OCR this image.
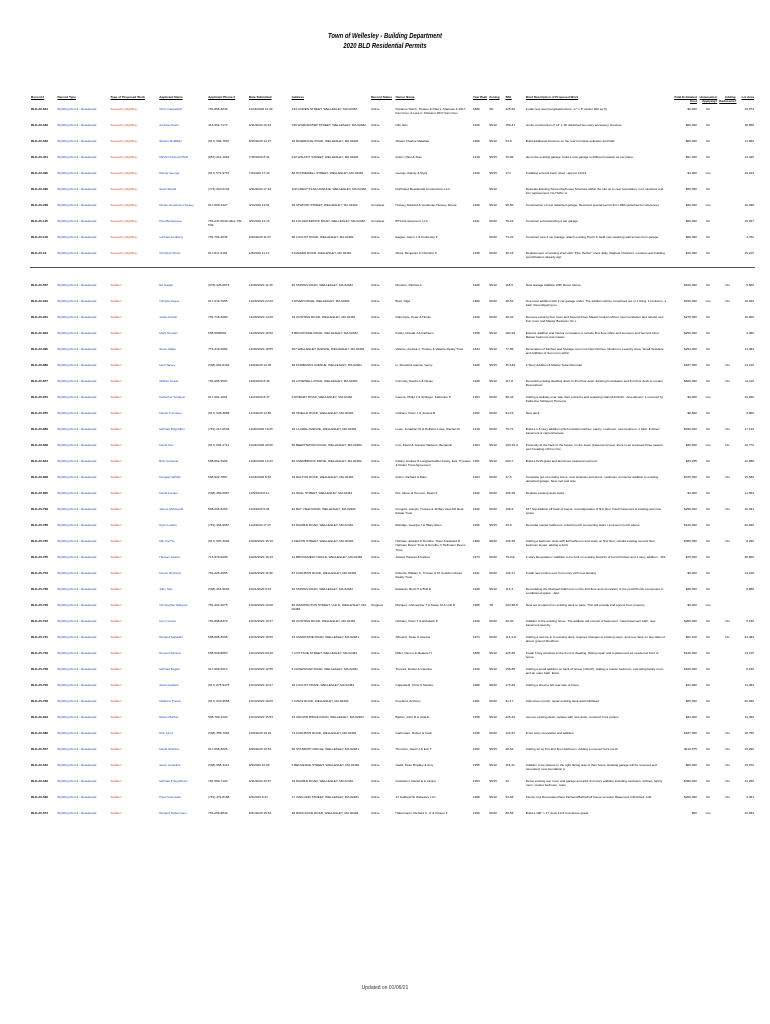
Town of Wellesley - Building Department
2020 BLD Residential Permits
Record #	Record Type	Type of Proposed Work	Applicant Name	Applicant Phone #	Date Submitted	Address	Record Status	Owner Name	Year Built	Zoning	SBL	Brief Description of Proposed Work	Total Estimated Cost	Homeowner Applying?	Adding Bedrooms?	Lot Area
BLD-20-631	Building Permit - Residential	Accessory Building	Chris Cappelletti	781-865-4846	11/16/2020 11:49	134 LINDEN STREET, WELLESLEY, MA 02482	Active	Susanne Norris, Trustee & Paul L. Marlowe & 2017 Fam Irrev. & Lara C. McGann 2017 Fam Irrev	1886	SR	125-52	install new steel pergola/structure. 17' x 8' (under 200 sq ft)	$6,000	No		16,874
BLD-20-618	Building Permit - Residential	Accessory Building	Andrew Roets	413-564-7173	9/11/2020 16:34	796 WORCESTER STREET, WELLESLEY, MA 02482	Active	Nils, Eric	1926	SR10	159-47	onsite construction of 14' x 18' detached two story accessory structure	$66,000	No		18,858
BLD-20-533	Building Permit - Residential	Accessory Building	Shawn McMillan	(617) 694-7897	8/26/2020 12:27	18 RIVERDALE ROAD, WELLESLEY, MA 02481	Active	Shawn Charles Malabau	1906	SR10	53-8	Build additional structure on the rear lot inside setbacks and FAR	$89,000	No		11,669
BLD-20-451	Building Permit - Residential	Accessory Building	KEVIN CALLAGHAN	(857) 212-1662	7/18/2020 8:31	210 WALNUT STREET, WELLESLEY, MA 02481	Active	Quinn, Paul & Xiao	1918	SR15	15-86	demo the existing garage, build a new garage in different location as per plans	$91,000	No		14,345
BLD-20-395	Building Permit - Residential	Accessory Building	Randy George	(617) 571-9757	7/2/2020 17:10	88 HUNNEWELL STREET, WELLESLEY, MA 02481	Active	George, Randy & Myra	1940	SR15	174	Installing a Knels Farm shed - approx 12x14	$4,000	Yes		16,194
BLD-20-396	Building Permit - Residential	Accessory Building	Sean Stefolf	(774) 910-0134	3/11/2020 17:24	119 GREAT PLAIN AVENUE, WELLESLEY, MA 02482	Active	Northland Residential Construction LLC		SR10		Relocate Existing Stone Playhouse Structure within the site on to new foundation, roof, windows and trim replacement. No HVAC or	$55,000	No		
BLD-20-208	Building Permit - Residential	Accessory Building	Nicole Goodman-Hussey	617-669-4427	4/7/2020 14:51	35 ATWOOD STREET, WELLESLEY, MA 02482	Complete	Hussey, Edward & Goodman-Hussey, Nicole	1939	SR10	99-50	Construction of new detached garage; Received special permit from ZBA (attached for reference)	$49,000	Yes		10,498
BLD-20-125	Building Permit - Residential	Accessory Building	Paul Bevilacqua	781-237-0049 office 781-549	3/2/2020 12:13	46 FULLER BROOK ROAD, WELLESLEY, MA 02482	Complete	BTS Development, LLC	1941	SR20	79-16	Construct a freestanding 2 car garage	$20,000	No		15,937
BLD-20-118	Building Permit - Residential	Accessory Building	michael lundberg	781-764-4535	2/20/2020 11:07	98 LOCUST ROAD, WELLESLEY, MA 02481	Active	Eagles, Glenn J & Kimberley F		SR20	73-22	Construct new 2 car Garage, attach existing Porch & build new retaining wall across from garage.	$68,000	No		4,762
BLD-20-19	Building Permit - Residential	Accessory Building	Christina Sirois	617-817-5118	1/8/2020 11:12	5 DAMIEN ROAD, WELLESLEY, MA 02481	Active	Sirois, Benjamin & Christina S	1938	SR20	28-18	Replacement of existing shed with "Pine Harbor" shed utility, Walpole Outdoors. Location and building specifications already app	$16,000	No		15,215

BLD-20-567	Building Permit - Residential	Addition	Ed Gagler	(978) 425-6874	12/30/2020 11:26	25 TAPPAN ROAD, WELLESLEY, MA 02482	Active	Moreton, Patricia A	1925	SR10	118-5	New Garage Addition With Room Above	$100,000	No	Yes	9,560
BLD-20-910	Building Permit - Residential	Addition	Olimpia Dejea	617-219-7955	12/29/2020 22:29	3 RIVER RIDGE, WELLESLEY, MA 02481	Active	Burit, Olga	1989	SR20	28-52	One level addition with 2 car garage under. The addition will be comprised out of 1 living, 1 bedroom, 1 bath. Reconfiguring ex.	$150,000	Yes	Yes	10,929
BLD-20-931	Building Permit - Residential	Addition	Justin Kubelt	781-718-4689	12/28/2020 14:49	19 CUSHING ROAD, WELLESLEY, MA 02481	Active	Dalrymple, Peter & Nicole	1949	SR20	49-32	Remove existing Sun room and Second Floor Master bedroom/Pour new foundation and rebuild new Sun room and Master Bedroom On s	$275,000	No		10,000
BLD-20-903	Building Permit - Residential	Addition	Mark Hoosier	508-5506091	12/28/2020 16:52	8 BROOKSIDE ROAD, WELLESLEY, MA 02482	Active	Kelley, Donald J & Kathleen	1958	SR10	183-93	Exterior addition and interior renovation to include first floor office and sunroom and Second Floor Master bedroom and master	$250,000	No		9,480
BLD-20-895	Building Permit - Residential	Addition	Steve Slade	774-219-2682	12/30/2020 18:55	307 WELLESLEY AVENUE, WELLESLEY, MA 02481	Active	Valente, Andrea J, Trustee & Valente Realty Trust	1844	SR10	77-85	Renovation of Kitchen and Storage room into New Kitchen, Mudroom, Laundry Area, Small Vestibule and Addition of Sun room within	$293,000	No		11,484
BLD-20-880	Building Permit - Residential	Addition	Neil Harvey	(508) 662-8404	12/8/2020 12:35	58 FAIRBANKS AVENUE, WELLESLEY, MA 02481	Active	Li, Ronald & Garcia, Yenny	1925	SR15	35-184	2 Story Addition & Master Suite Remodel	$187,000	No	Yes	14,120
BLD-20-877	Building Permit - Residential	Addition	William Keefe	781-965-9507	12/8/2020 8:39	15 LOVEWELL ROAD, WELLESLEY, MA 02481	Active	Connolly, Stephen & Nicole	1948	SR10	117-8	Demolish existing dwelling down to first floor deck. Existing Foundation and first floor deck to remain. Reconstruct	$600,000	No	Yes	11,110
BLD-20-870	Building Permit - Residential	Addition	Katherine Schlayer	617-291-1001	12/2/2020 8:37	9 ROBART ROAD, WELLESLEY, MA 02482	Active	Caeora, Philip J & Schlayer, Katherine P	1954	SR20	89-43	Adding a wellway over side door entrance and replacing stairs(12/22/20 - Amendment: 1 received by Katherine Schlayer) Homeow	$9,000	Yes		10,266
BLD-20-875	Building Permit - Residential	Addition	Daniel Tremique	(617) 943-3889	12/4/2020 14:56	28 ODELLE ROAD, WELLESLEY, MA 02481	Active	Graham, Peter J & Jessica B	1952	SR20	54-15	New deck.	$8,800	No		9,600
BLD-20-869	Building Permit - Residential	Addition	Michael Brignaffini	(781) 217-0534	11/30/2020 19:25	18 LAUREL AVENUE, WELLESLEY, MA 02481	Active	Lowe, Jonathan W & Hollister-Lowe, Rachel W	1918	SR20	75-71	Build a 1.5 story addition which includes kitchen, pantry, mudroom, new bedroom, 1 bath, finished basement & carport/canvas	$490,000	No	Yes	17,129
BLD-20-848	Building Permit - Residential	Addition	David Sco	(617) 604-2711	11/24/2020 20:09	56 BEECHWOOD ROAD, WELLESLEY, MA 02482	Active	Cox, David & Jessica Hackens, Benjamin	1904	SR10	193-15-A	Presently at the back of the house, on the lower (basement) level, there is an enclosed three season porch leading off from the	$45,000	Yes	No	10,770
BLD-20-844	Building Permit - Residential	Addition	Bob Gurwand	508-652-3966	11/20/2020 14:34	89 OVERBROOK DRIVE, WELLESLEY, MA 02482	Active	Kaisky, Andrew & Longhenhalder-Kesky, Eva, Trustees & Kisker Trust Agreement	1951	SR10	200-7	Build a 8x15 glass and aluminum seasonal sunroom	$33,255	No		12,888
BLD-20-808	Building Permit - Residential	Addition	Douglas Whittle	508-922-7867	11/16/2020 8:52	19 DALTON ROAD, WELLESLEY, MA 02481	Active	Quinn, Richard & Mary	1923	SR20	47-5	Complete gut of existing home, new windows and doors, mudroom connector addition to existing detached garage. New roof and side	$725,000	No	Yes	15,689
BLD-20-805	Building Permit - Residential	Addition	David Forden	(508) 359-0967	11/5/2020 8:11	41 WALL STREET, WELLESLEY, MA 02481	Active	Flix, Alison & Temonu, Rastu F	1942	SR20	186-25	Replace existing deck stairs	$3,000	No		11,554
BLD-20-799	Building Permit - Residential	Addition	James McDonald	508-294-5259	11/3/2020 9:46	42 BAY VIEW ROAD, WELLESLEY, MA 02482	Active	Fengold, Joseph, Trustee & 42 Bay View Rd Real Estate Trust	1942	SR20	198-6	547 Sqf addition off back of house, reconfiguration of first floor, finish basement & existing and new space	$298,000	No	Yes	10,391
BLD-20-786	Building Permit - Residential	Addition	Ryan Ledere	(781) 454-9957	11/2/2020 17:07	44 DAMIEN ROAD, WELLESLEY, MA 02481	Active	Eldridge, Georgia J & Hilary Ellen	1956	SR15	29-8	Remodel master bathroom, rebuild porch connecting stairs / sunroom/ porch above	$120,000	No		26,660
BLD-20-760	Building Permit - Residential	Addition	Min Kai Hu	(617) 997-3992	10/28/2020 15:10	2 DEXON STREET, WELLESLEY, MA 02481	Active	Hellman, Edward & Dorothe, Tstes & Edward R Hellman Revoc Trust & Dorothe V Hellmann Revoc Trust	1989	SR30	109-35	Adding a bedroom suite with full bathroom and study on first floor; rebuild existing second floor bedroom layout, adding a full b	$355,000	No	Yes	6,290
BLD-20-755	Building Permit - Residential	Addition	Hassan Jawad	713-979-9408	10/26/2020 15:44	14 BROOKMEW CIRCLE, WELLESLEY, MA 02482	Active	Jawad, Hassan & Fatima	1973	SR20	79-9-E	2 story Renovation / addition to be built on existing footprint of front Porches and 1 story addition - 491	$79,000	No		38,800
BLD-20-753	Building Permit - Residential	Addition	Devon Behrend	781-325-2555	10/26/2020 11:56	87 AUDUBON ROAD, WELLESLEY, MA 02481	Active	Roberts, William C, Trustee & 87 Audubon Road Realty Trust	1941	SR20	109-17	Install new portico over front entry with new landing	$5,000	No		14,168
BLD-20-738	Building Permit - Residential	Addition	John Shu	(508) 314-9693	10/21/2020 8:16	32 TAPPAN ROAD, WELLESLEY, MA 02482	Active	Edwards, Brett H & Britt E	1948	SR10	113-3	Remodeling the Mudyard bathroom on the 2nd floor and renovation of the porch/Porch conversion to conditioned space - Attic	$38,000	No		9,858
BLD-20-729	Building Permit - Residential	Addition	Christopher Marquet	781-424-2676	10/20/2020 10:08	80 WASHINGTON STREET, Unit D, WELLESLEY, MA 02482	Stopped	Marquet, Christopher T & Karen M & Unit D	1985	TR	124-68-D	New set of stairs from existing deck to patio. This will provide 2nd egress from property.	$5,000	Yes		
BLD-20-723	Building Permit - Residential	Addition	Ian C Green	781-898-8379	10/16/2020 10:37	28 CUSHING ROAD, WELLESLEY, MA 02481	Active	Nishanc, Peter T & Elizabeth P	1949	SR20	49-30	Addition to the existing home. The addition will consist of basement - New basement bath, new basement laundry	$289,000	No	Yes	5,150
BLD-20-721	Building Permit - Residential	Addition	Richard Sabadini	508-688-3095	10/16/2020 16:56	23 OVARKSINE ROAD, WELLESLEY, MA 02481	Active	Sifruartz, Doan & Joanna	1974	SR20	113-4-D	Adding a new tie-in to existing deck, requires changes to existing steps, and new deck on two sides of above ground Moulfroot	$22,100	No	No	24,484
BLD-20-718	Building Permit - Residential	Addition	Russell Santoro	508-509-8853	10/14/2020 09:49	7 COTTAGE STREET, WELLESLEY, MA 02481	Active	Miller, Paul G & Melanie H	1888	SR10	125-65	Install 3 bay windows to the front of dwelling. Siding repair and replacement as needed at front of home.	$128,000	No		13,275
BLD-20-708	Building Permit - Residential	Addition	Michael Bogart	617-959-0913	10/13/2020 12:55	6 CRAWSHAW ROAD, WELLESLEY, MA 02481	Active	Tucsani, Daniel & Caroline	1929	SR10	155-85	Adding a small addition on back of house (10x10'). Adding a master bedroom, extending family room, and an outer bath. Extra	$189,000	No		8,150
BLD-20-706	Building Permit - Residential	Addition	david sandlett	(617) 875-9475	10/13/2020 12:27	18 LOCUST DRIVE, WELLESLEY, MA 02481	Active	Cappelletti, Chris & Sandra	1988	SR30	179-45	Adding a shed to left rear side of home.	$12,000	No		11,384
BLD-20-708	Building Permit - Residential	Addition	Matthew Thewe	(617) 610-9508	10/13/2020 19:05	7 DAVIS ROAD, WELLESLEY, MA 02482	Active	Freeland, Anthony	1961	SR20	91-17	Add screen porch, repair existing deck add buildhead	$25,000	No		20,909
BLD-20-694	Building Permit - Residential	Addition	Robert Barber	508-769-1220	10/13/2020 15:54	23 CROWN RIDGE ROAD, WELLESLEY, MA 02482	Active	Barber, John R & Julia E	1958	SR10	225-31	remove existing deck; replace with new deck; construct front portico	$34,000	No		11,359
BLD-20-688	Building Permit - Residential	Addition	Rob Land	(508) 359-7994	10/9/2020 10:24	73 AUDUBON ROAD, WELLESLEY, MA 02481	Active	Carbonaro, Robert & Cacli	1935	SR20	120-67	Front entry renovation and addition	$187,000	No	Yes	18,755
BLD-20-657	Building Permit - Residential	Addition	David Sheldon	617-658-3026	9/29/2020 10:51	60 STANDISH CIRCLE, WELLESLEY, MA 02481	Active	Thornton, David J & Eric T	1952	SR15	28-54	Adding 12 sq ft to 2nd floor bathroom. Adding a covered front porch	$119,575	No	Yes	10,290
BLD-20-616	Building Permit - Residential	Addition	aaron tendelkis	(508) 958-3114	9/9/2020 10:09	6 BENVENUE STREET, WELLESLEY, MA 02482	Active	Gadd, Peter Bradley & Amy	1955	SR10	116-41	Addition to be placed on the right facing side of their home. Existing garage will be removed and renovated, new foundation p	$89,000	No	Yes	15,870
BLD-20-618	Building Permit - Residential	Addition	Michael Fraughtman	781-589-7120	9/11/2020 10:37	19 DAMIEN ROAD, WELLESLEY, MA 02481	Active	Gustafson, Daniel E & Janine	1953	SR15	24	Demo existing sun room and garage and add: 2nd story addition including mudroom, kitchen, family room, master bedroom, mast	$390,000	No	Yes	14,250
BLD-20-596	Building Permit - Residential	Addition	Paul Yanovsalci	(781) 472-8188	9/4/2020 8:31	17 OAKLAND STREET, WELLESLEY, MA 02481	Active	17 Oakland St Wellesley LLC	1968	SR10	53-68	Interior Gut Renovation/New Kitchens/Baths/Full house remodel. Basement unfinished. Add	$200,000	No	Yes	9,451
BLD-20-574	Building Permit - Residential	Addition	Richard Habermann	781-259-8849	8/31/2020 15:54	48 RADCLIFFE ROAD, WELLESLEY, MA 02482	Active	Habermann, Richard C, Jr & Kristen F	1959	SR20	89-58	Build a 190" x 17' deck 11x4 foot above grade	$50	Yes		10,654
Updated on 01/06/21
